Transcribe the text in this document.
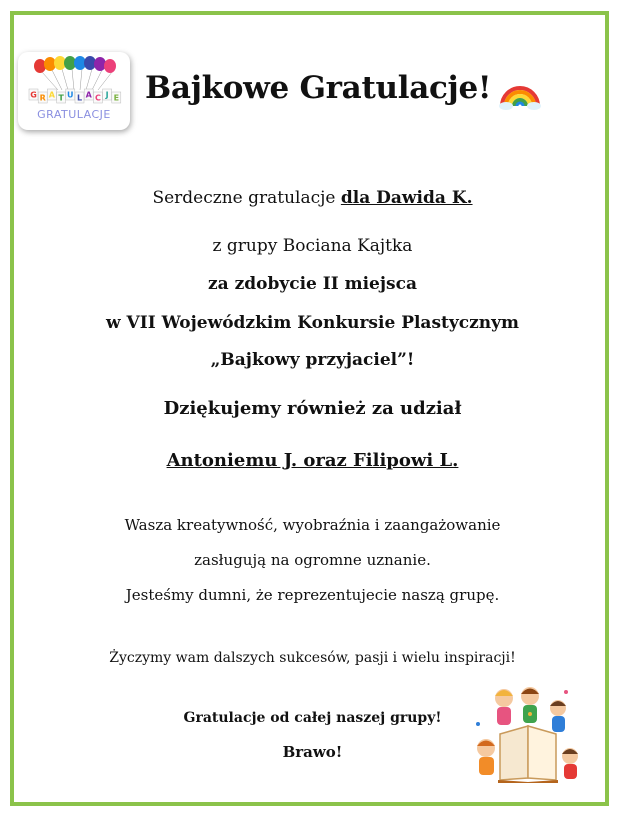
G R A T U L A C J E
GRATULACJE
Bajkowe Gratulacje!
Serdeczne gratulacje dla Dawida K.
z grupy Bociana Kajtka
za zdobycie II miejsca
w VII Wojewódzkim Konkursie Plastycznym
„Bajkowy przyjaciel”!
Dziękujemy również za udział
Antoniemu J. oraz Filipowi L.
Wasza kreatywność, wyobraźnia i zaangażowanie
zasługują na ogromne uznanie.
Jesteśmy dumni, że reprezentujecie naszą grupę.
Życzymy wam dalszych sukcesów, pasji i wielu inspiracji!
Gratulacje od całej naszej grupy!
Brawo!
